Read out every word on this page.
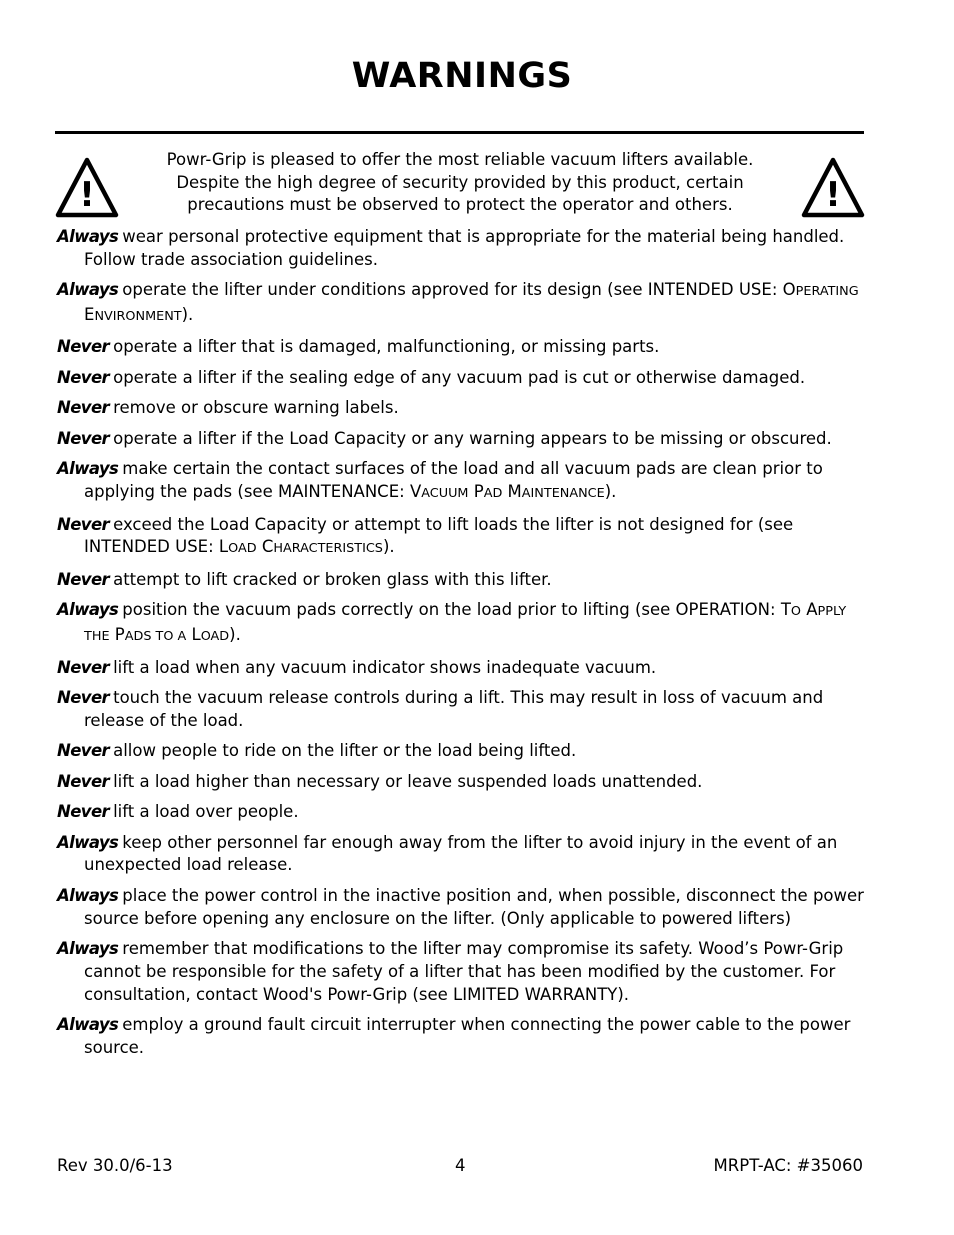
WARNINGS
!

Powr-Grip is pleased to offer the most reliable vacuum lifters available.

Despite the high degree of security provided by this product, certain

precautions must be observed to protect the operator and others.	!

Always wear personal protective equipment that is appropriate for the material being handled. Follow trade association guidelines.

Always operate the lifter under conditions approved for its design (see INTENDED USE: OPERATING ENVIRONMENT).

Never operate a lifter that is damaged, malfunctioning, or missing parts.

Never operate a lifter if the sealing edge of any vacuum pad is cut or otherwise damaged.

Never remove or obscure warning labels.

Never operate a lifter if the Load Capacity or any warning appears to be missing or obscured.

Always make certain the contact surfaces of the load and all vacuum pads are clean prior to applying the pads (see MAINTENANCE: VACUUM PAD MAINTENANCE).

Never exceed the Load Capacity or attempt to lift loads the lifter is not designed for (see INTENDED USE: LOAD CHARACTERISTICS).

Never attempt to lift cracked or broken glass with this lifter.

Always position the vacuum pads correctly on the load prior to lifting (see OPERATION: TO APPLY THE PADS TO A LOAD).

Never lift a load when any vacuum indicator shows inadequate vacuum.

Never touch the vacuum release controls during a lift. This may result in loss of vacuum and release of the load.

Never allow people to ride on the lifter or the load being lifted.

Never lift a load higher than necessary or leave suspended loads unattended.

Never lift a load over people.

Always keep other personnel far enough away from the lifter to avoid injury in the event of an unexpected load release.

Always place the power control in the inactive position and, when possible, disconnect the power source before opening any enclosure on the lifter. (Only applicable to powered lifters)

Always remember that modifications to the lifter may compromise its safety. Wood’s Powr-Grip cannot be responsible for the safety of a lifter that has been modified by the customer. For consultation, contact Wood's Powr-Grip (see LIMITED WARRANTY).

Always employ a ground fault circuit interrupter when connecting the power cable to the power source.

Rev 30.0/6-13	4	MRPT-AC: #35060
